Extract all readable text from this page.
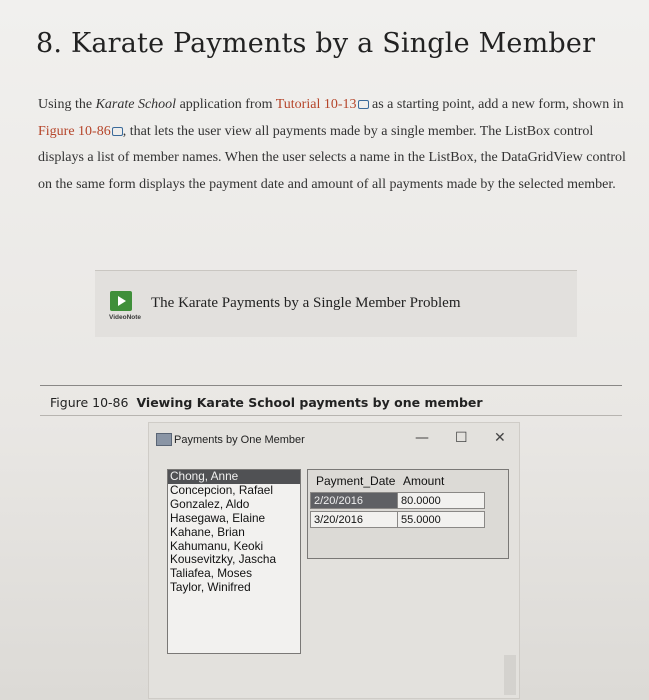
8. Karate Payments by a Single Member
Using the Karate School application from Tutorial 10-13 as a starting point, add a new form, shown in Figure 10-86 , that lets the user view all payments made by a single member. The ListBox control displays a list of member names. When the user selects a name in the ListBox, the DataGridView control on the same form displays the payment date and amount of all payments made by the selected member.
VideoNote
The Karate Payments by a Single Member Problem
Figure 10-86 Viewing Karate School payments by one member
Payments by One Member	— ☐ ✕
Chong, Anne
Concepcion, Rafael
Gonzalez, Aldo
Hasegawa, Elaine
Kahane, Brian
Kahumanu, Keoki
Kousevitzky, Jascha
Taliafea, Moses
Taylor, Winifred
Payment_Date Amount
2/20/2016	80.0000
3/20/2016	55.0000
